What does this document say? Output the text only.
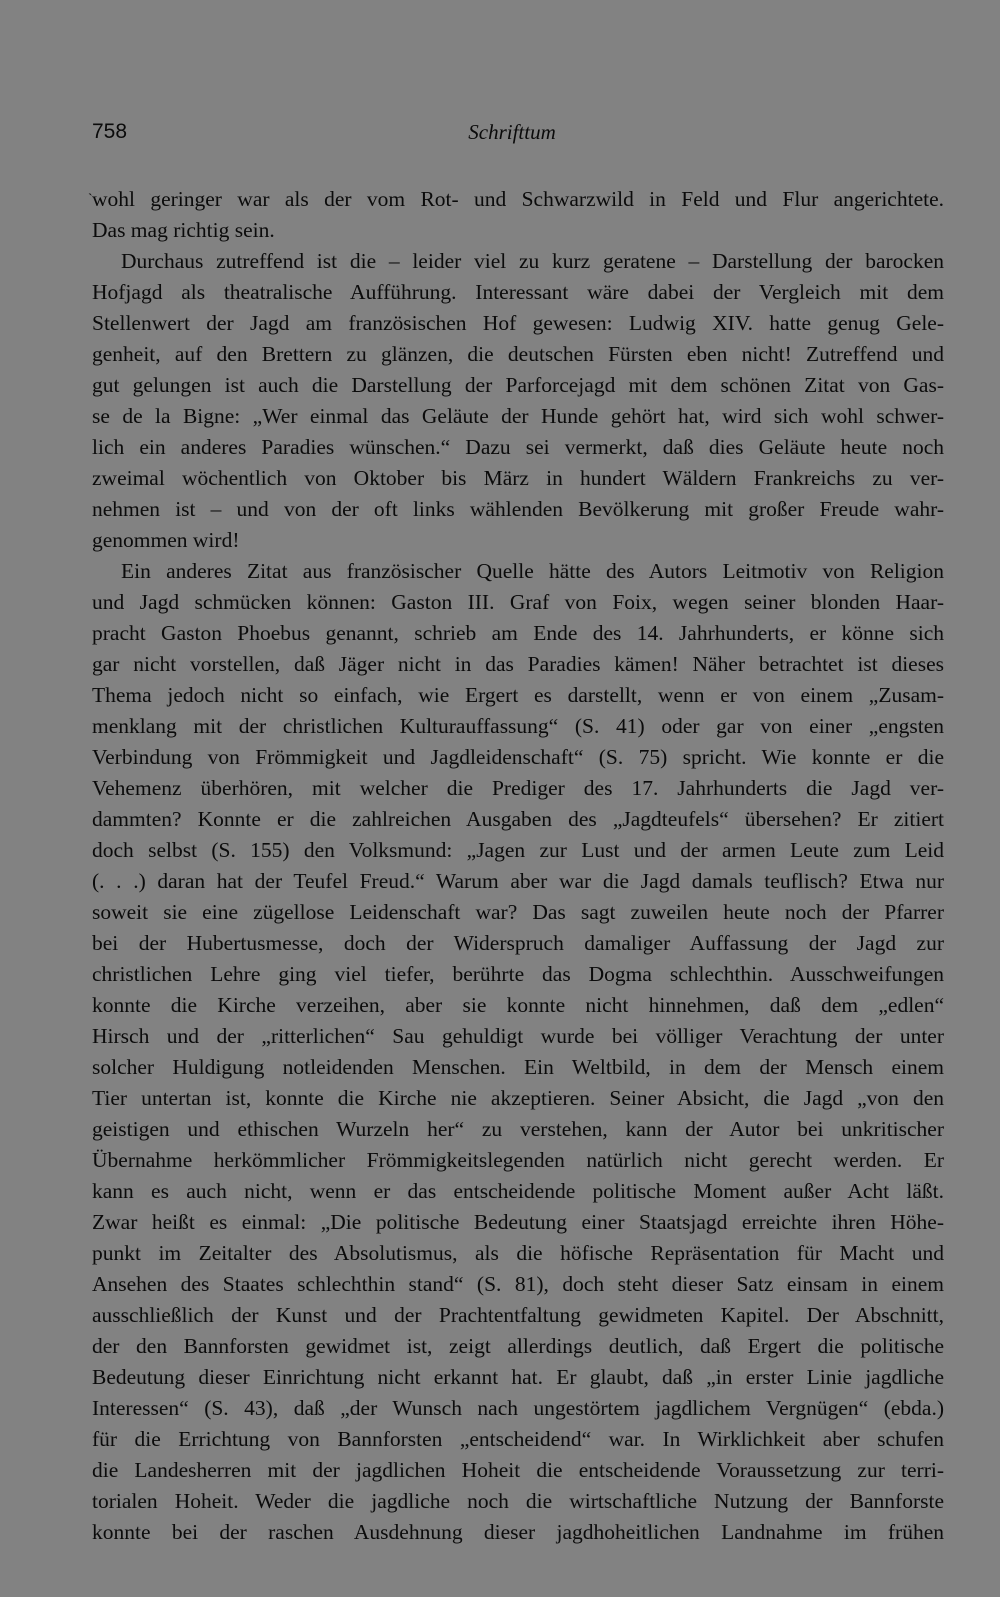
758	Schrifttum
ˋ wohl geringer war als der vom Rot- und Schwarzwild in Feld und Flur angerichtete.
Das mag richtig sein.
Durchaus zutreffend ist die – leider viel zu kurz geratene – Darstellung der barocken
Hofjagd als theatralische Aufführung. Interessant wäre dabei der Vergleich mit dem
Stellenwert der Jagd am französischen Hof gewesen: Ludwig XIV. hatte genug Gele-
genheit, auf den Brettern zu glänzen, die deutschen Fürsten eben nicht! Zutreffend und
gut gelungen ist auch die Darstellung der Parforcejagd mit dem schönen Zitat von Gas-
se de la Bigne: „Wer einmal das Geläute der Hunde gehört hat, wird sich wohl schwer-
lich ein anderes Paradies wünschen.“ Dazu sei vermerkt, daß dies Geläute heute noch
zweimal wöchentlich von Oktober bis März in hundert Wäldern Frankreichs zu ver-
nehmen ist – und von der oft links wählenden Bevölkerung mit großer Freude wahr-
genommen wird!
Ein anderes Zitat aus französischer Quelle hätte des Autors Leitmotiv von Religion
und Jagd schmücken können: Gaston III. Graf von Foix, wegen seiner blonden Haar-
pracht Gaston Phoebus genannt, schrieb am Ende des 14. Jahrhunderts, er könne sich
gar nicht vorstellen, daß Jäger nicht in das Paradies kämen! Näher betrachtet ist dieses
Thema jedoch nicht so einfach, wie Ergert es darstellt, wenn er von einem „Zusam-
menklang mit der christlichen Kulturauffassung“ (S. 41) oder gar von einer „engsten
Verbindung von Frömmigkeit und Jagdleidenschaft“ (S. 75) spricht. Wie konnte er die
Vehemenz überhören, mit welcher die Prediger des 17. Jahrhunderts die Jagd ver-
dammten? Konnte er die zahlreichen Ausgaben des „Jagdteufels“ übersehen? Er zitiert
doch selbst (S. 155) den Volksmund: „Jagen zur Lust und der armen Leute zum Leid
(. . .) daran hat der Teufel Freud.“ Warum aber war die Jagd damals teuflisch? Etwa nur
soweit sie eine zügellose Leidenschaft war? Das sagt zuweilen heute noch der Pfarrer
bei der Hubertusmesse, doch der Widerspruch damaliger Auffassung der Jagd zur
christlichen Lehre ging viel tiefer, berührte das Dogma schlechthin. Ausschweifungen
konnte die Kirche verzeihen, aber sie konnte nicht hinnehmen, daß dem „edlen“
Hirsch und der „ritterlichen“ Sau gehuldigt wurde bei völliger Verachtung der unter
solcher Huldigung notleidenden Menschen. Ein Weltbild, in dem der Mensch einem
Tier untertan ist, konnte die Kirche nie akzeptieren. Seiner Absicht, die Jagd „von den
geistigen und ethischen Wurzeln her“ zu verstehen, kann der Autor bei unkritischer
Übernahme herkömmlicher Frömmigkeitslegenden natürlich nicht gerecht werden. Er
kann es auch nicht, wenn er das entscheidende politische Moment außer Acht läßt.
Zwar heißt es einmal: „Die politische Bedeutung einer Staatsjagd erreichte ihren Höhe-
punkt im Zeitalter des Absolutismus, als die höfische Repräsentation für Macht und
Ansehen des Staates schlechthin stand“ (S. 81), doch steht dieser Satz einsam in einem
ausschließlich der Kunst und der Prachtentfaltung gewidmeten Kapitel. Der Abschnitt,
der den Bannforsten gewidmet ist, zeigt allerdings deutlich, daß Ergert die politische
Bedeutung dieser Einrichtung nicht erkannt hat. Er glaubt, daß „in erster Linie jagdliche
Interessen“ (S. 43), daß „der Wunsch nach ungestörtem jagdlichem Vergnügen“ (ebda.)
für die Errichtung von Bannforsten „entscheidend“ war. In Wirklichkeit aber schufen
die Landesherren mit der jagdlichen Hoheit die entscheidende Voraussetzung zur terri-
torialen Hoheit. Weder die jagdliche noch die wirtschaftliche Nutzung der Bannforste
konnte bei der raschen Ausdehnung dieser jagdhoheitlichen Landnahme im frühen
